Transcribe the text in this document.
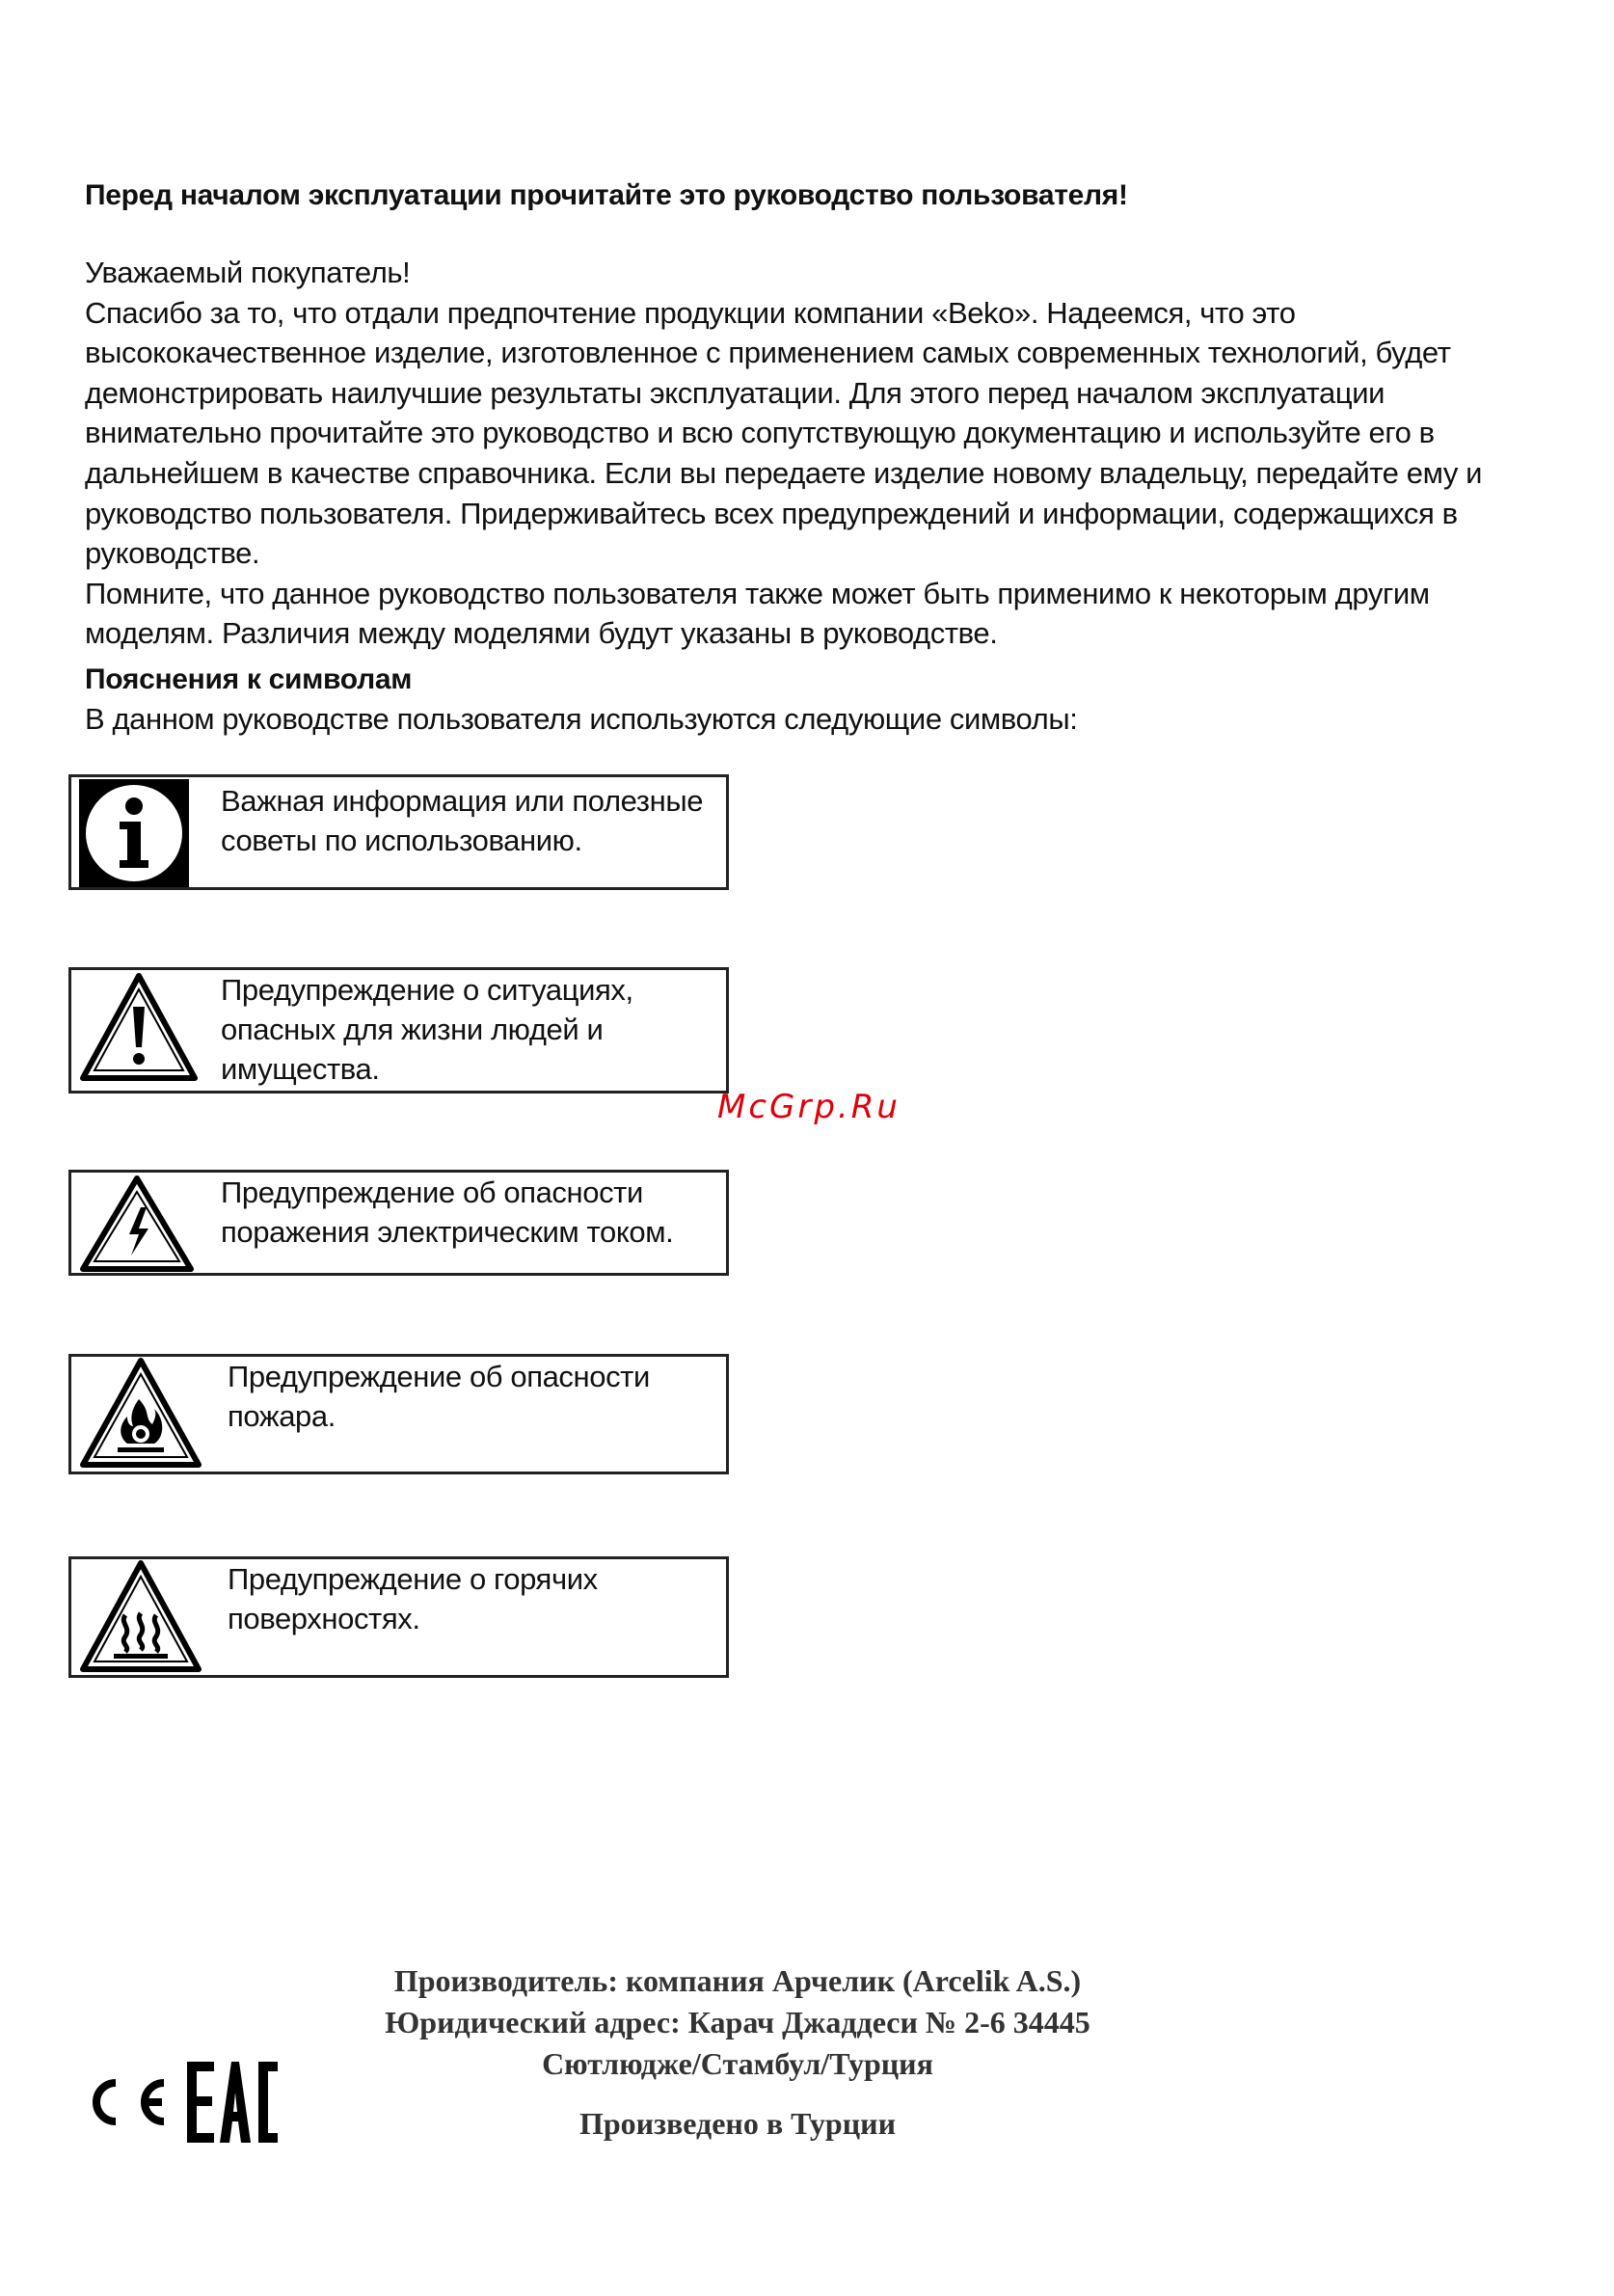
Перед началом эксплуатации прочитайте это руководство пользователя!

Уважаемый покупатель!

Спасибо за то, что отдали предпочтение продукции компании «Beko». Надеемся, что это
высококачественное изделие, изготовленное с применением самых современных технологий, будет
демонстрировать наилучшие результаты эксплуатации. Для этого перед началом эксплуатации
внимательно прочитайте это руководство и всю сопутствующую документацию и используйте его в
дальнейшем в качестве справочника. Если вы передаете изделие новому владельцу, передайте ему и
руководство пользователя. Придерживайтесь всех предупреждений и информации, содержащихся в
руководстве.

Помните, что данное руководство пользователя также может быть применимо к некоторым другим
моделям. Различия между моделями будут указаны в руководстве.

Пояснения к символам
В данном руководстве пользователя используются следующие символы:
Важная информация или полезные
советы по использованию.
Предупреждение о ситуациях,
опасных для жизни людей и
имущества.
Предупреждение об опасности
поражения электрическим током.
Предупреждение об опасности
пожара.
Предупреждение о горячих
поверхностях.
McGrp.Ru
Производитель: компания Арчелик (Arcelik A.S.)
Юридический адрес: Карач Джаддеси № 2-6 34445
Сютлюдже/Стамбул/Турция
Произведено в Турции
